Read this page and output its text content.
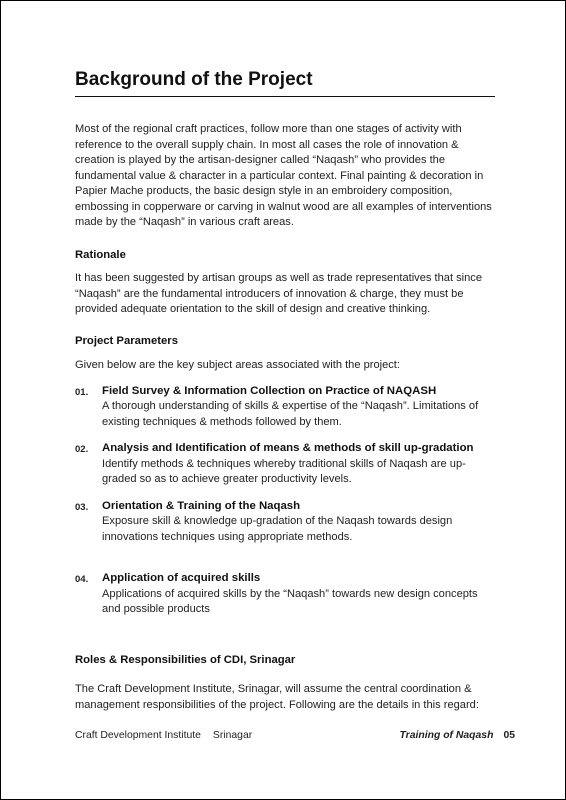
Background of the Project

Most of the regional craft practices, follow more than one stages of activity with reference to the overall supply chain. In most all cases the role of innovation & creation is played by the artisan-designer called “Naqash” who provides the fundamental value & character in a particular context. Final painting & decoration in Papier Mache products, the basic design style in an embroidery composition, embossing in copperware or carving in walnut wood are all examples of interventions made by the “Naqash” in various craft areas.

Rationale

It has been suggested by artisan groups as well as trade representatives that since “Naqash” are the fundamental introducers of innovation & charge, they must be provided adequate orientation to the skill of design and creative thinking.

Project Parameters

Given below are the key subject areas associated with the project:

01.	Field Survey & Information Collection on Practice of NAQASH
A thorough understanding of skills & expertise of the “Naqash”. Limitations of existing techniques & methods followed by them.
02.	Analysis and Identification of means & methods of skill up-gradation
Identify methods & techniques whereby traditional skills of Naqash are up-graded so as to achieve greater productivity levels.
03.	Orientation & Training of the Naqash
Exposure skill & knowledge up-gradation of the Naqash towards design innovations techniques using appropriate methods.
04.	Application of acquired skills
Applications of acquired skills by the “Naqash” towards new design concepts and possible products

Roles & Responsibilities of CDI, Srinagar

The Craft Development Institute, Srinagar, will assume the central coordination & management responsibilities of the project. Following are the details in this regard:

Craft Development Institute Srinagar	Training of Naqash 05
